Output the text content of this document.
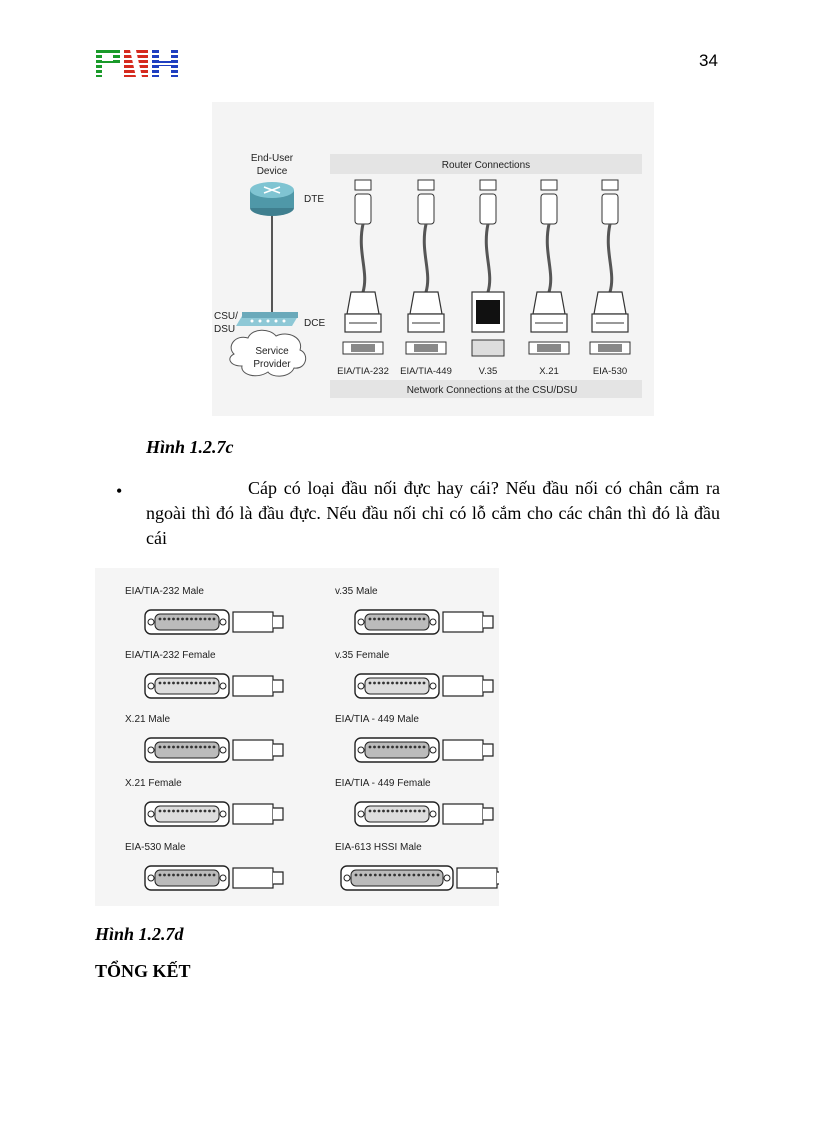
34
Router Connections
End-User
Device
DTE
CSU/
DSU
DCE
Service
Provider
EIA/TIA-232 EIA/TIA-449	V.35	X.21	EIA-530
Network Connections at the CSU/DSU
Hình 1.2.7c
•	Cáp có loại đầu nối đực hay cái? Nếu đầu nối có chân cắm ra ngoài thì đó là đầu đực. Nếu đầu nối chỉ có lỗ cắm cho các chân thì đó là đầu cái
EIA/TIA-232 Male
EIA/TIA-232 Female
X.21 Male
X.21 Female
EIA-530 Male
v.35 Male
v.35 Female
EIA/TIA - 449 Male
EIA/TIA - 449 Female
EIA-613 HSSI Male
Hình 1.2.7d
TỔNG KẾT
